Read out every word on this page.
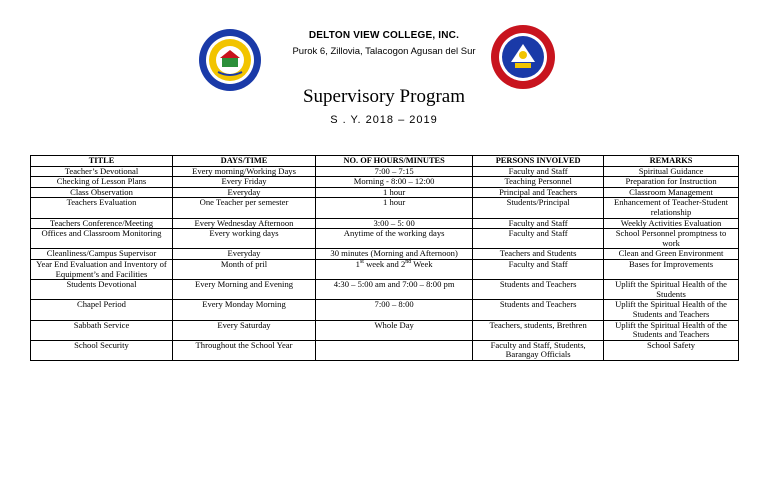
DELTON VIEW COLLEGE, INC.
Purok 6, Zillovia, Talacogon Agusan del Sur
Supervisory Program
S . Y. 2018 – 2019
TITLE	DAYS/TIME	NO. OF HOURS/MINUTES	PERSONS INVOLVED	REMARKS
Teacher’s Devotional	Every morning/Working Days	7:00 – 7:15	Faculty and Staff	Spiritual Guidance
Checking of Lesson Plans	Every Friday	Morning - 8:00 – 12:00	Teaching Personnel	Preparation for Instruction
Class Observation	Everyday	1 hour	Principal and Teachers	Classroom Management
Teachers Evaluation	One Teacher per semester	1 hour	Students/Principal	Enhancement of Teacher-Student relationship
Teachers Conference/Meeting	Every Wednesday Afternoon	3:00 – 5: 00	Faculty and Staff	Weekly Activities Evaluation
Offices and Classroom Monitoring	Every working days	Anytime of the working days	Faculty and Staff	School Personnel promptness to work
Cleanliness/Campus Supervisor	Everyday	30 minutes (Morning and Afternoon)	Teachers and Students	Clean and Green Environment
Year End Evaluation and Inventory of Equipment’s and Facilities	Month of pril	1st week and 2nd Week	Faculty and Staff	Bases for Improvements
Students Devotional	Every Morning and Evening	4:30 – 5:00 am and 7:00 – 8:00 pm	Students and Teachers	Uplift the Spiritual Health of the Students
Chapel Period	Every Monday Morning	7:00 – 8:00	Students and Teachers	Uplift the Spiritual Health of the Students and Teachers
Sabbath Service	Every Saturday	Whole Day	Teachers, students, Brethren	Uplift the Spiritual Health of the Students and Teachers
School Security	Throughout the School Year		Faculty and Staff, Students, Barangay Officials	School Safety
